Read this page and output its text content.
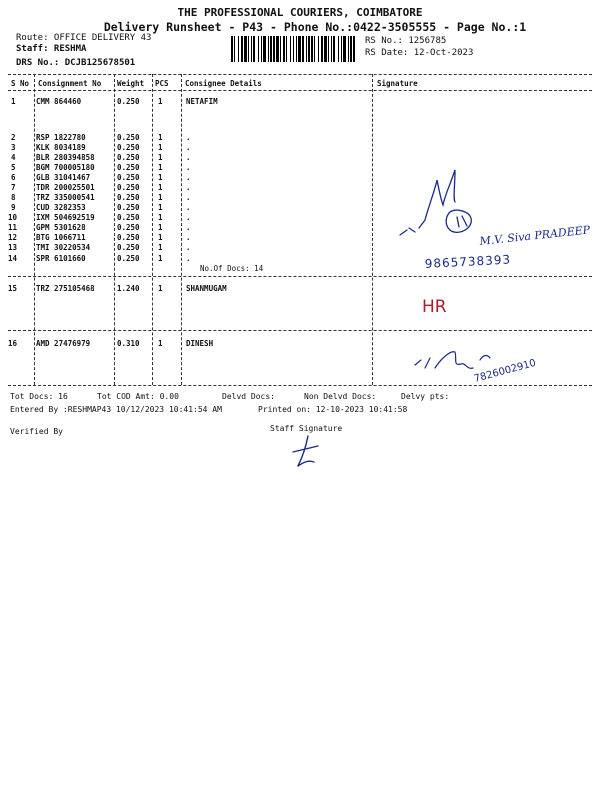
THE PROFESSIONAL COURIERS, COIMBATORE
Delivery Runsheet - P43 - Phone No.:0422-3505555 - Page No.:1
Route: OFFICE DELIVERY 43
Staff: RESHMA
DRS No.: DCJB125678501
RS No.: 1256785
RS Date: 12-Oct-2023
S No Consignment No Weight PCS Consignee Details	Signature
1	CMM 864460	0.250 1	NETAFIM
2	RSP 1822780	0.250 1	.
3	KLK 8034189	0.250 1	.
4	BLR 280394858	0.250 1	.
5	BGM 700005180	0.250 1	.
6	GLB 31041467	0.250 1	.
7	TDR 200025501	0.250 1	.
8	TRZ 335000541	0.250 1	.
9	CUD 3282353	0.250 1	.
10	IXM 504692519	0.250 1	.
11	GPM 5301628	0.250 1	.
12	BTG 1066711	0.250 1	.
13	TMI 30220534	0.250 1	.
14	SPR 6101660	0.250 1	.
No.Of Docs: 14
15	TRZ 275105468	1.240 1	SHANMUGAM
16	AMD 27476979	0.310 1	DINESH
M.V. Siva PRADEEP
9865738393
HR
7826002910
Tot Docs: 16	Tot COD Amt: 0.00	Delvd Docs:	Non Delvd Docs:	Delvy pts:
Entered By :RESHMAP43 10/12/2023 10:41:54 AM	Printed on: 12-10-2023 10:41:58
Verified By	Staff Signature
